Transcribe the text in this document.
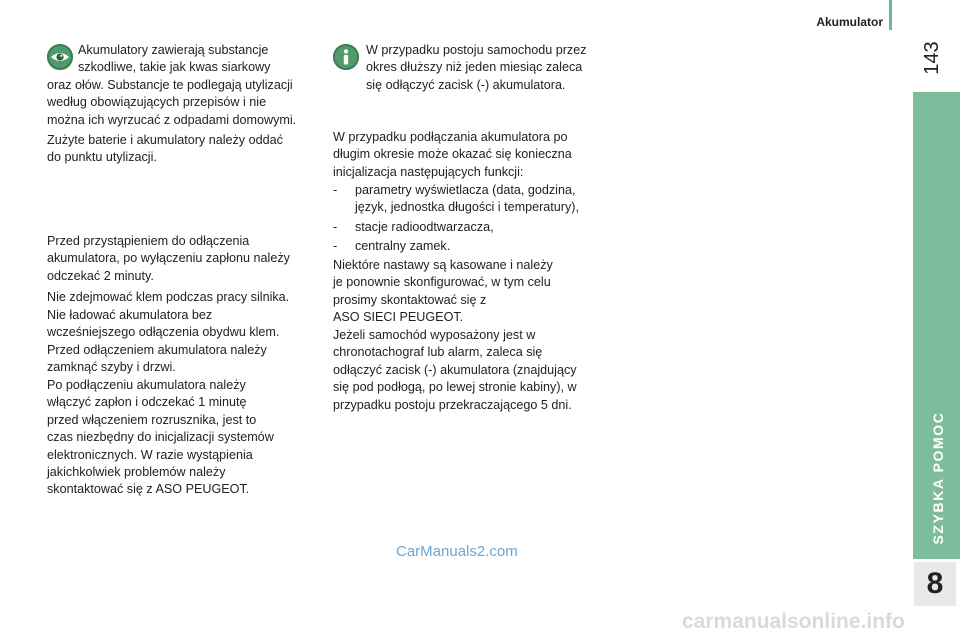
Akumulator
143
SZYBKA POMOC
8

Akumulatory zawierają substancje
szkodliwe, takie jak kwas siarkowy

oraz ołów. Substancje te podlegają utylizacji
według obowiązujących przepisów i nie
można ich wyrzucać z odpadami domowymi.

Zużyte baterie i akumulatory należy oddać
do punktu utylizacji.

Przed przystąpieniem do odłączenia
akumulatora, po wyłączeniu zapłonu należy
odczekać 2 minuty.

Nie zdejmować klem podczas pracy silnika.

Nie ładować akumulatora bez
wcześniejszego odłączenia obydwu klem.

Przed odłączeniem akumulatora należy
zamknąć szyby i drzwi.

Po podłączeniu akumulatora należy
włączyć zapłon i odczekać 1 minutę
przed włączeniem rozrusznika, jest to
czas niezbędny do inicjalizacji systemów
elektronicznych. W razie wystąpienia
jakichkolwiek problemów należy
skontaktować się z ASO PEUGEOT.

W przypadku postoju samochodu przez
okres dłuższy niż jeden miesiąc zaleca
się odłączyć zacisk (-) akumulatora.

W przypadku podłączania akumulatora po
długim okresie może okazać się konieczna
inicjalizacja następujących funkcji:

- parametry wyświetlacza (data, godzina,
język, jednostka długości i temperatury),
- stacje radioodtwarzacza,
- centralny zamek.

Niektóre nastawy są kasowane i należy
je ponownie skonfigurować, w tym celu
prosimy skontaktować się z
ASO SIECI PEUGEOT.

Jeżeli samochód wyposażony jest w
chronotachograf lub alarm, zaleca się
odłączyć zacisk (-) akumulatora (znajdujący
się pod podłogą, po lewej stronie kabiny), w
przypadku postoju przekraczającego 5 dni.

CarManuals2.com
carmanualsonline.info
